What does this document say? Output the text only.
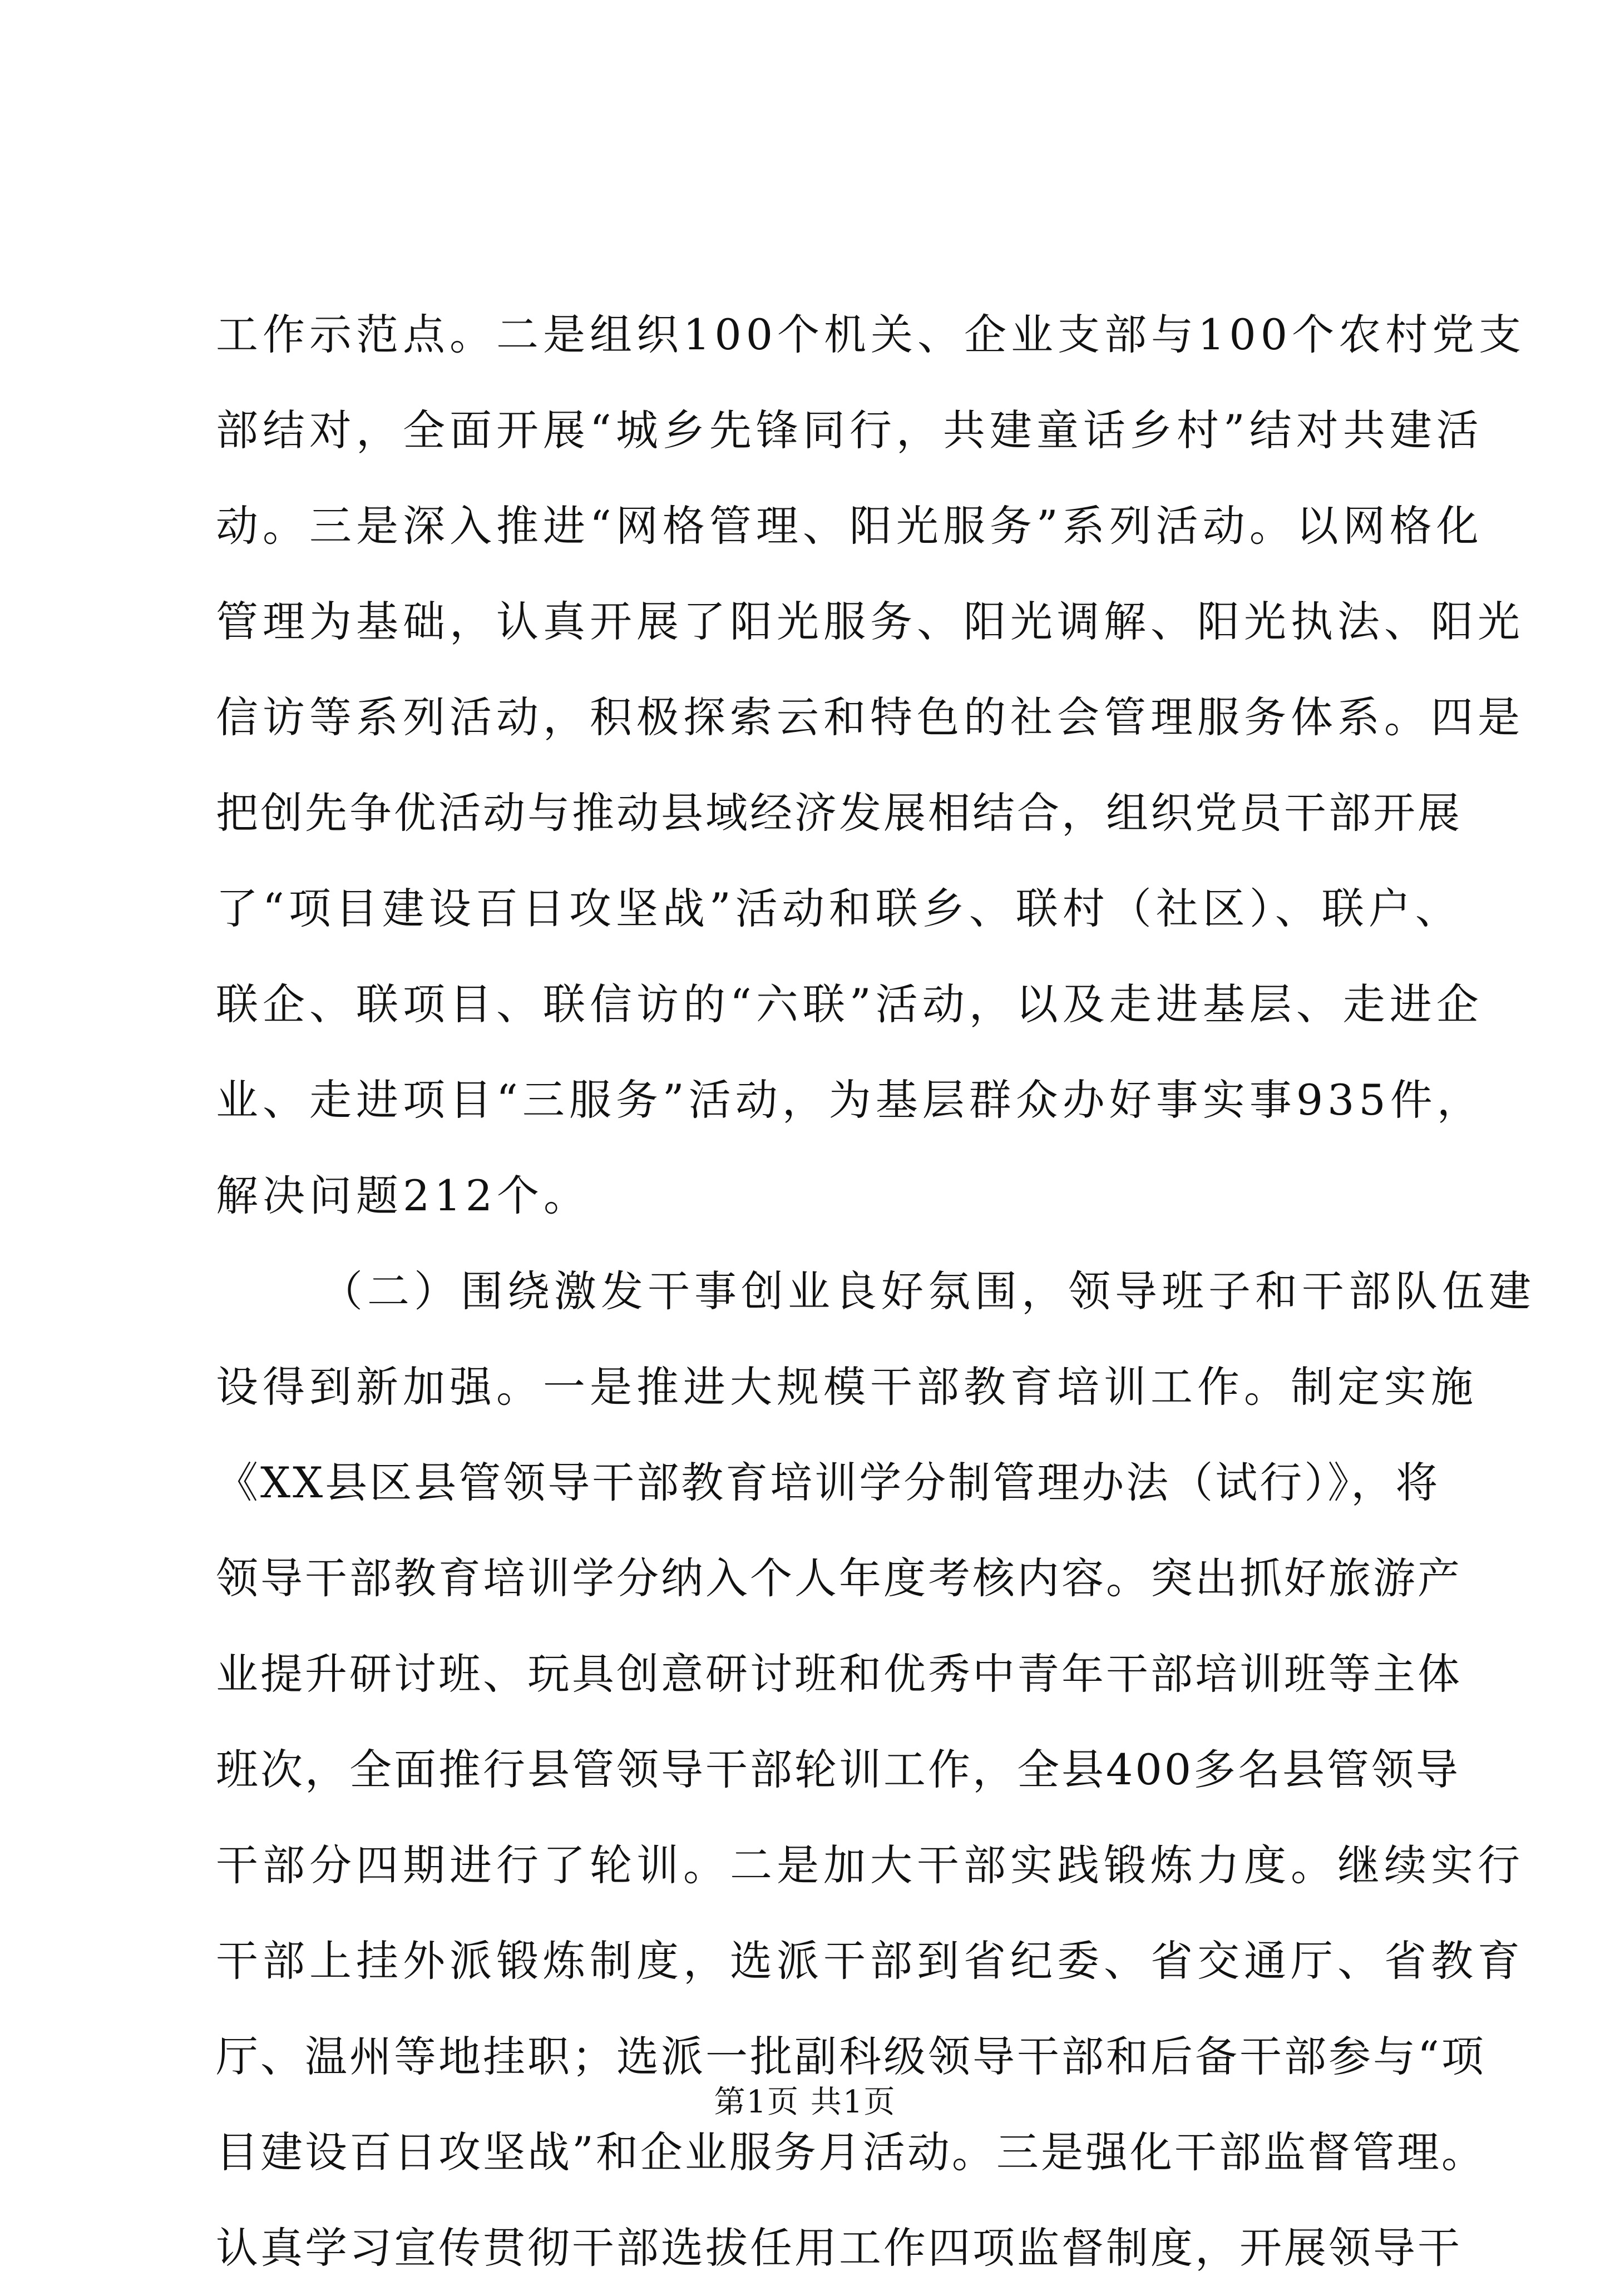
工作示范点。二是组织100个机关、企业支部与100个农村党支
部结对，全面开展“城乡先锋同行，共建童话乡村”结对共建活
动。三是深入推进“网格管理、阳光服务”系列活动。以网格化
管理为基础，认真开展了阳光服务、阳光调解、阳光执法、阳光
信访等系列活动，积极探索云和特色的社会管理服务体系。四是
把创先争优活动与推动县域经济发展相结合，组织党员干部开展
了“项目建设百日攻坚战”活动和联乡、联村（社区）、联户、
联企、联项目、联信访的“六联”活动，以及走进基层、走进企
业、走进项目“三服务”活动，为基层群众办好事实事935件，
解决问题212个。
（二）围绕激发干事创业良好氛围，领导班子和干部队伍建
设得到新加强。一是推进大规模干部教育培训工作。制定实施
《XX县区县管领导干部教育培训学分制管理办法（试行）》，将
领导干部教育培训学分纳入个人年度考核内容。突出抓好旅游产
业提升研讨班、玩具创意研讨班和优秀中青年干部培训班等主体
班次，全面推行县管领导干部轮训工作，全县400多名县管领导
干部分四期进行了轮训。二是加大干部实践锻炼力度。继续实行
干部上挂外派锻炼制度，选派干部到省纪委、省交通厅、省教育
厅、温州等地挂职；选派一批副科级领导干部和后备干部参与“项
目建设百日攻坚战”和企业服务月活动。三是强化干部监督管理。
认真学习宣传贯彻干部选拔任用工作四项监督制度，开展领导干
第1页 共1页
